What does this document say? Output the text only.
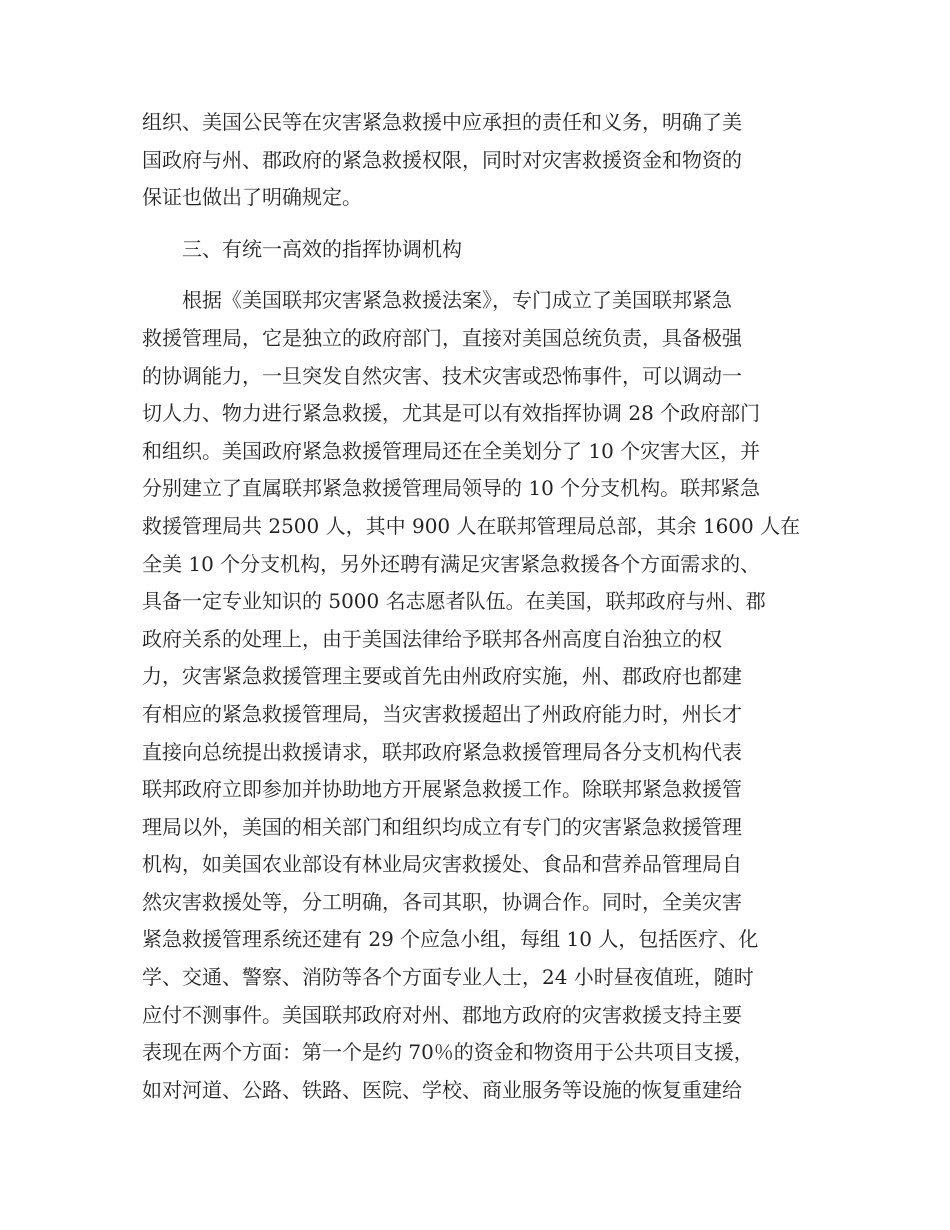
组织、美国公民等在灾害紧急救援中应承担的责任和义务，明确了美
国政府与州、郡政府的紧急救援权限，同时对灾害救援资金和物资的
保证也做出了明确规定。
　　三、有统一高效的指挥协调机构
　　根据《美国联邦灾害紧急救援法案》，专门成立了美国联邦紧急
救援管理局，它是独立的政府部门，直接对美国总统负责，具备极强
的协调能力，一旦突发自然灾害、技术灾害或恐怖事件，可以调动一
切人力、物力进行紧急救援，尤其是可以有效指挥协调 28 个政府部门
和组织。美国政府紧急救援管理局还在全美划分了 10 个灾害大区，并
分别建立了直属联邦紧急救援管理局领导的 10 个分支机构。联邦紧急
救援管理局共 2500 人，其中 900 人在联邦管理局总部，其余 1600 人在
全美 10 个分支机构，另外还聘有满足灾害紧急救援各个方面需求的、
具备一定专业知识的 5000 名志愿者队伍。在美国，联邦政府与州、郡
政府关系的处理上，由于美国法律给予联邦各州高度自治独立的权
力，灾害紧急救援管理主要或首先由州政府实施，州、郡政府也都建
有相应的紧急救援管理局，当灾害救援超出了州政府能力时，州长才
直接向总统提出救援请求，联邦政府紧急救援管理局各分支机构代表
联邦政府立即参加并协助地方开展紧急救援工作。除联邦紧急救援管
理局以外，美国的相关部门和组织均成立有专门的灾害紧急救援管理
机构，如美国农业部设有林业局灾害救援处、食品和营养品管理局自
然灾害救援处等，分工明确，各司其职，协调合作。同时，全美灾害
紧急救援管理系统还建有 29 个应急小组，每组 10 人，包括医疗、化
学、交通、警察、消防等各个方面专业人士，24 小时昼夜值班，随时
应付不测事件。美国联邦政府对州、郡地方政府的灾害救援支持主要
表现在两个方面：第一个是约 70％的资金和物资用于公共项目支援，
如对河道、公路、铁路、医院、学校、商业服务等设施的恢复重建给
